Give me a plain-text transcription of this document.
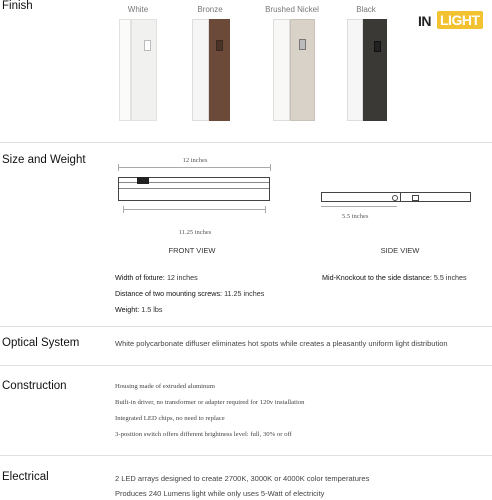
Finish
IN LIGHT
White	Bronze	Brushed Nickel	Black
Size and Weight	12 inches
11.25 inches
FRONT VIEW
5.5 inches
SIDE VIEW
Width of fixture: 12 inches
Distance of two mounting screws: 11.25 inches
Weight: 1.5 lbs
Mid-Knockout to the side distance: 5.5 inches
Optical System	White polycarbonate diffuser eliminates hot spots while creates a pleasantly uniform light distribution
Construction	Housing made of extruded aluminum
Built-in driver, no transformer or adapter required for 120v installation
Integrated LED chips, no need to replace
3-position switch offers different brightness level: full, 30% or off
Electrical	2 LED arrays designed to create 2700K, 3000K or 4000K color temperatures
Produces 240 Lumens light while only uses 5-Watt of electricity
